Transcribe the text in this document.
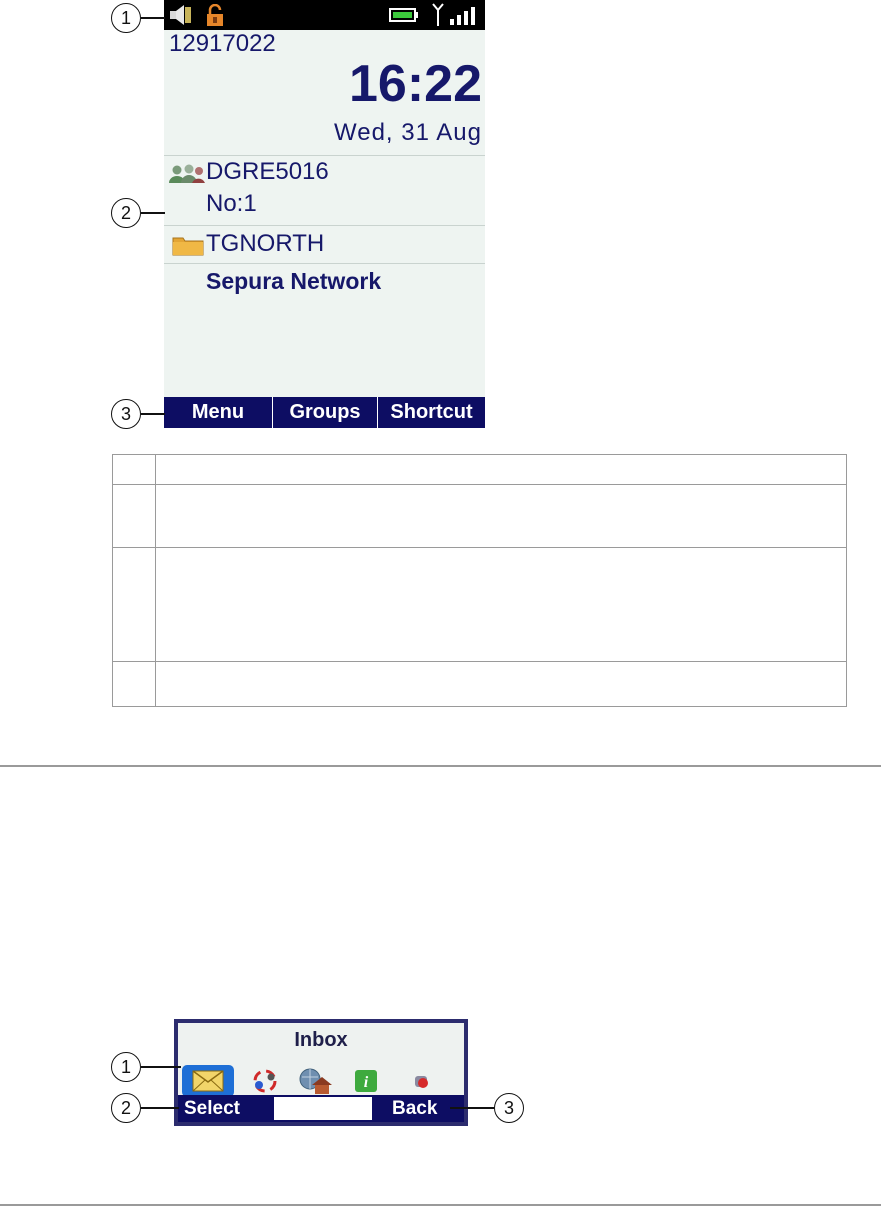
12917022
16:22
Wed, 31 Aug
DGRE5016
No:1
TGNORTH
Sepura Network
Menu	Groups	Shortcut
1
2
3

Inbox
i
Select	Back
1
2	3
